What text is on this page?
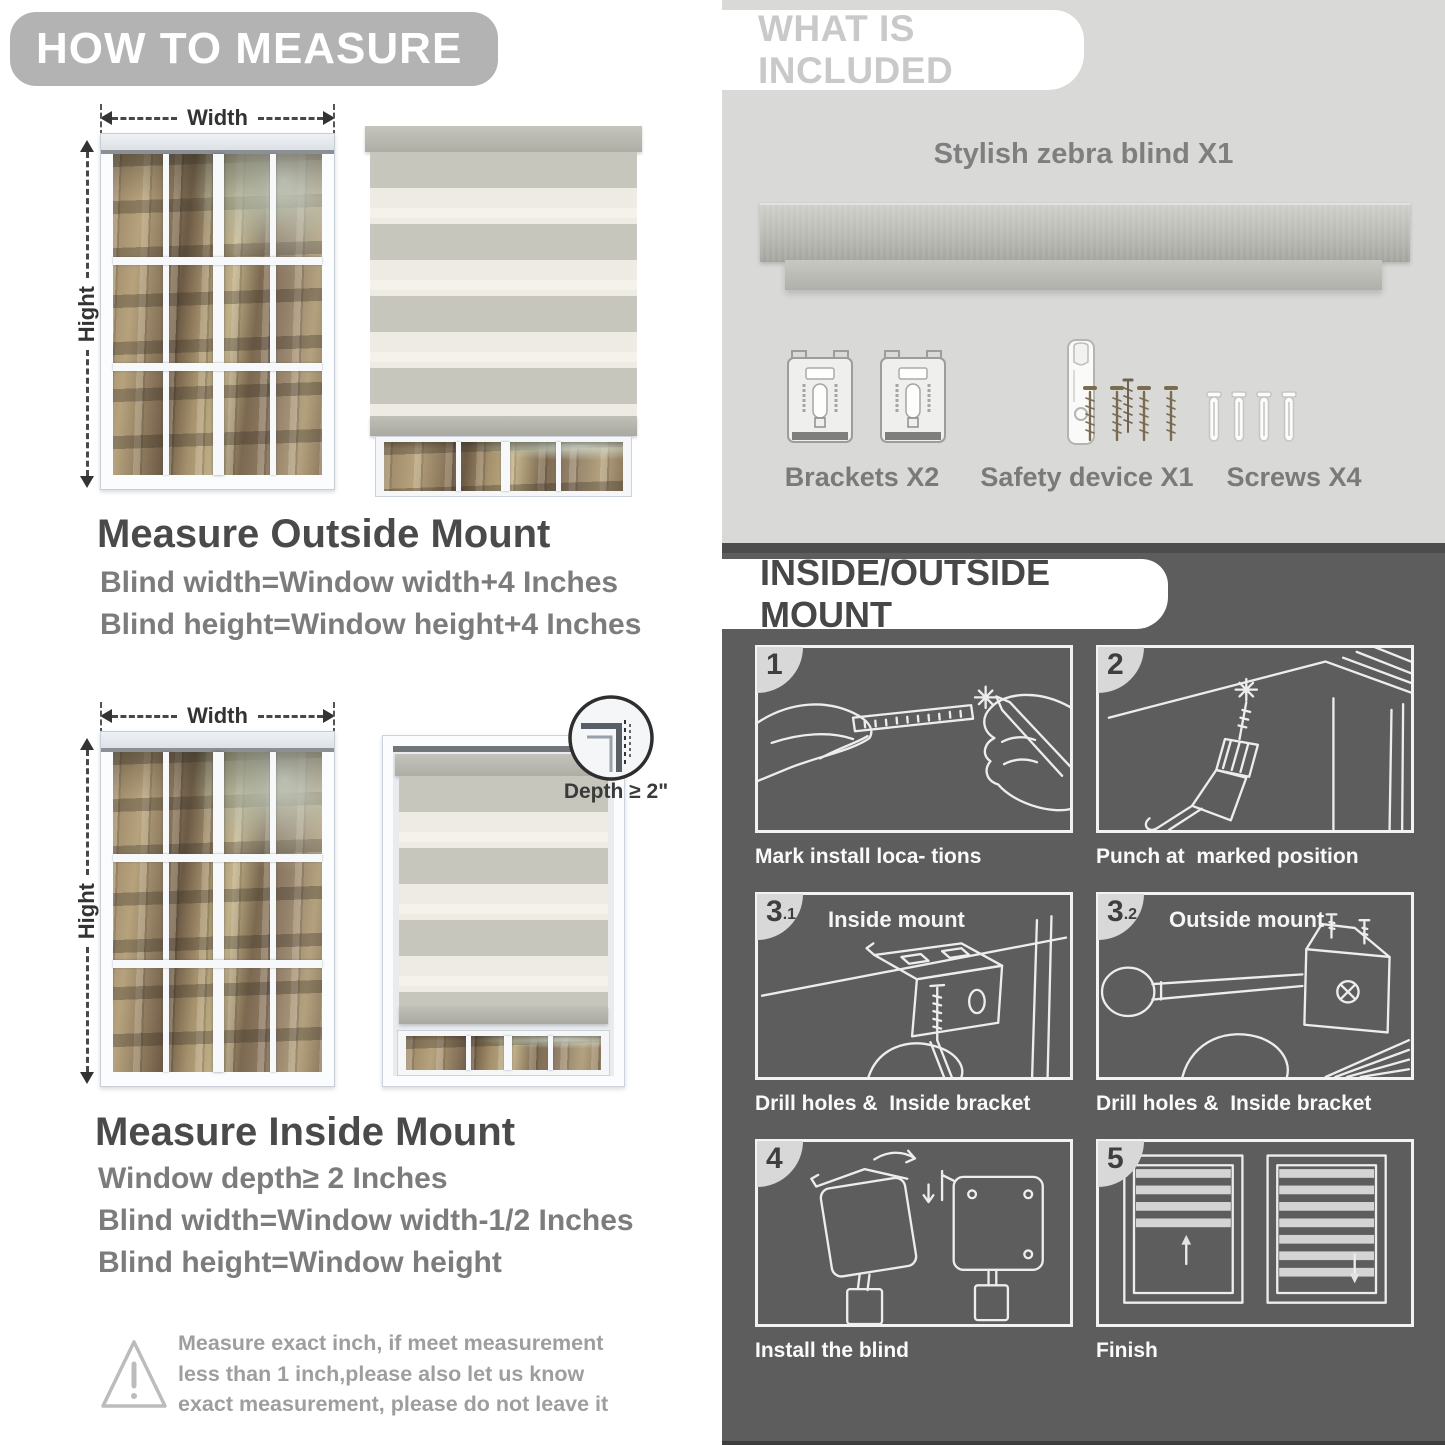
HOW TO MEASURE
Width
Hight
Measure Outside Mount
Blind width=Window width+4 Inches
Blind height=Window height+4 Inches
Width
Hight
Depth ≥ 2"
Measure Inside Mount
Window depth≥ 2 Inches
Blind width=Window width-1/2 Inches
Blind height=Window height
Measure exact inch, if meet measurement less than 1 inch,please also let us know exact measurement, please do not leave it
WHAT IS INCLUDED
Stylish zebra blind X1
Brackets X2	Safety device X1	Screws X4
INSIDE/OUTSIDE MOUNT
1
Mark install loca- tions
2
Punch at  marked position
3 .1 Inside mount
Drill holes &  Inside bracket
3 .2 Outside mount
Drill holes &  Inside bracket
4
Install the blind
5
Finish
